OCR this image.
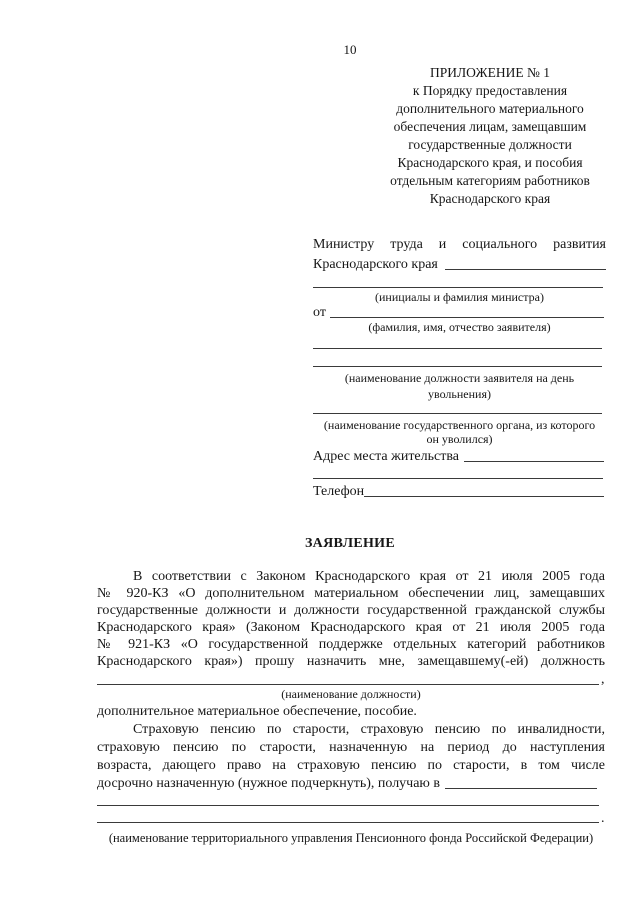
10
ПРИЛОЖЕНИЕ № 1
к Порядку предоставления
дополнительного материального
обеспечения лицам, замещавшим
государственные должности
Краснодарского края, и пособия
отдельным категориям работников
Краснодарского края
Министру труда и социального развития
Краснодарского края
(инициалы и фамилия министра)
от
(фамилия, имя, отчество заявителя)
(наименование должности заявителя на день
увольнения)
(наименование государственного органа, из которого
он уволился)
Адрес места жительства
Телефон
ЗАЯВЛЕНИЕ
В соответствии с Законом Краснодарского края от 21 июля 2005 года
№ 920-КЗ «О дополнительном материальном обеспечении лиц, замещавших
государственные должности и должности государственной гражданской службы
Краснодарского края» (Законом Краснодарского края от 21 июля 2005 года
№ 921-КЗ «О государственной поддержке отдельных категорий работников
Краснодарского края») прошу назначить мне, замещавшему(-ей) должность
,
(наименование должности)
дополнительное материальное обеспечение, пособие.
Страховую пенсию по старости, страховую пенсию по инвалидности,
страховую пенсию по старости, назначенную на период до наступления
возраста, дающего право на страховую пенсию по старости, в том числе
досрочно назначенную (нужное подчеркнуть), получаю в
.
(наименование территориального управления Пенсионного фонда Российской Федерации)
